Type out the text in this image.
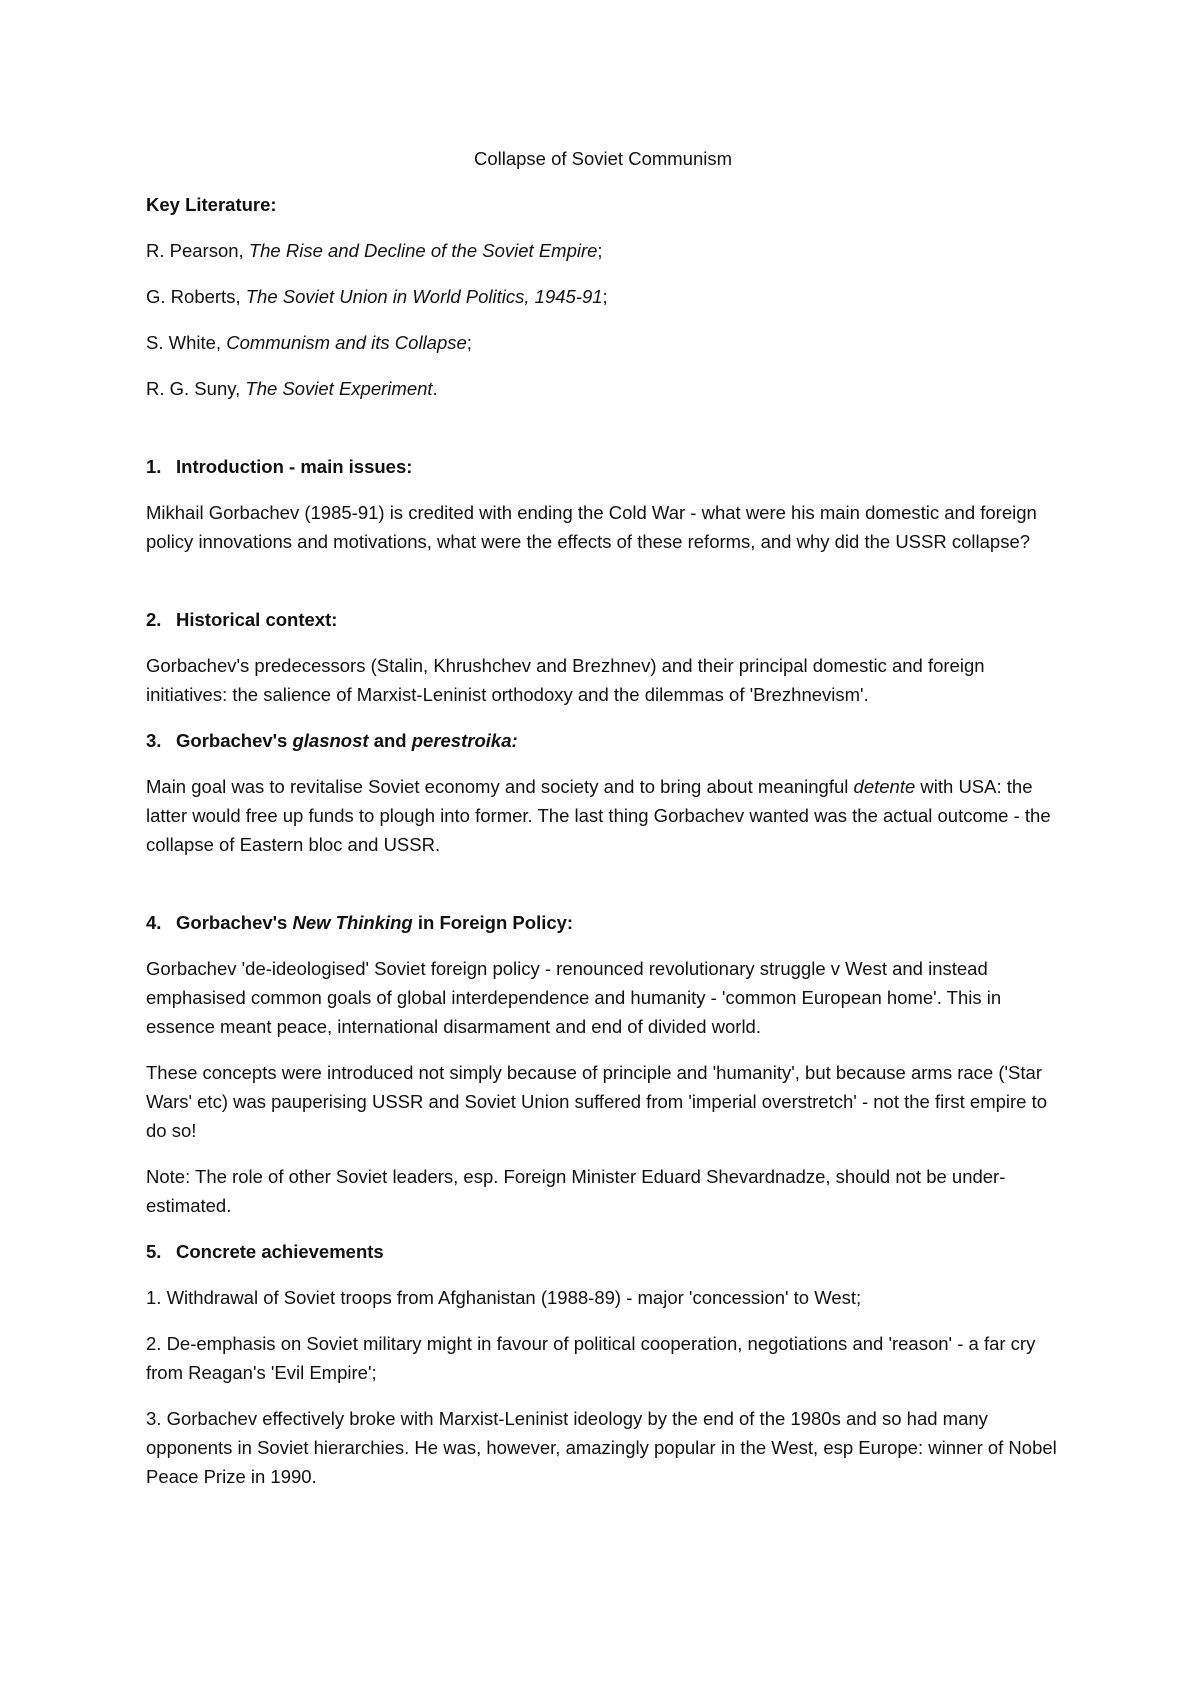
Collapse of Soviet Communism

Key Literature:

R. Pearson, The Rise and Decline of the Soviet Empire;

G. Roberts, The Soviet Union in World Politics, 1945-91;

S. White, Communism and its Collapse;

R. G. Suny, The Soviet Experiment.

1. Introduction - main issues:

Mikhail Gorbachev (1985-91) is credited with ending the Cold War - what were his main domestic and foreign policy innovations and motivations, what were the effects of these reforms, and why did the USSR collapse?

2. Historical context:

Gorbachev's predecessors (Stalin, Khrushchev and Brezhnev) and their principal domestic and foreign initiatives: the salience of Marxist-Leninist orthodoxy and the dilemmas of 'Brezhnevism'.

3. Gorbachev's glasnost and perestroika:

Main goal was to revitalise Soviet economy and society and to bring about meaningful detente with USA: the latter would free up funds to plough into former. The last thing Gorbachev wanted was the actual outcome - the collapse of Eastern bloc and USSR.

4. Gorbachev's New Thinking in Foreign Policy:

Gorbachev 'de-ideologised' Soviet foreign policy - renounced revolutionary struggle v West and instead emphasised common goals of global interdependence and humanity - 'common European home'. This in essence meant peace, international disarmament and end of divided world.

These concepts were introduced not simply because of principle and 'humanity', but because arms race ('Star Wars' etc) was pauperising USSR and Soviet Union suffered from 'imperial overstretch' - not the first empire to do so!

Note: The role of other Soviet leaders, esp. Foreign Minister Eduard Shevardnadze, should not be under-estimated.

5. Concrete achievements

1. Withdrawal of Soviet troops from Afghanistan (1988-89) - major 'concession' to West;

2. De-emphasis on Soviet military might in favour of political cooperation, negotiations and 'reason' - a far cry from Reagan's 'Evil Empire';

3. Gorbachev effectively broke with Marxist-Leninist ideology by the end of the 1980s and so had many opponents in Soviet hierarchies. He was, however, amazingly popular in the West, esp Europe: winner of Nobel Peace Prize in 1990.
